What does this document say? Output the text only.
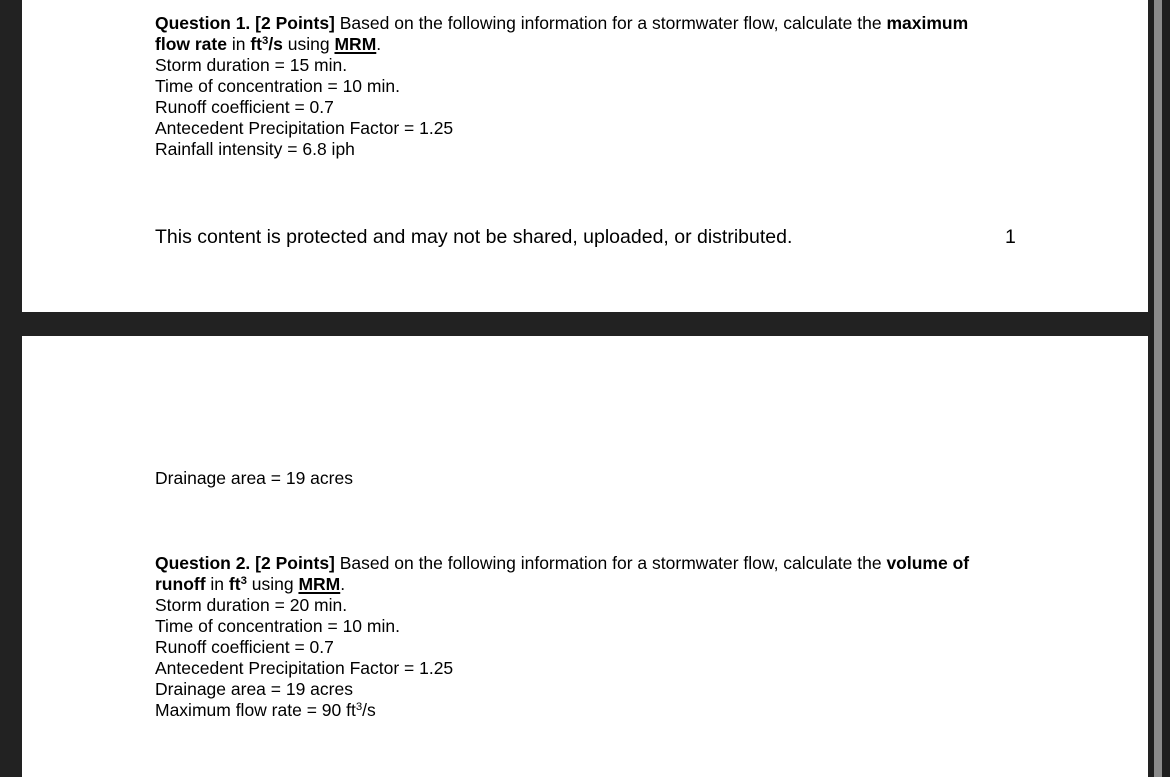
Question 1. [2 Points] Based on the following information for a stormwater flow, calculate the maximum
flow rate in $ft^3/s$ using MRM.
Storm duration = 15 min.
Time of concentration = 10 min.
Runoff coefficient = 0.7
Antecedent Precipitation Factor = 1.25
Rainfall intensity = 6.8 iph
This content is protected and may not be shared, uploaded, or distributed.	1
Drainage area = 19 acres
Question 2. [2 Points] Based on the following information for a stormwater flow, calculate the volume of
runoff in $ft^3$ using MRM.
Storm duration = 20 min.
Time of concentration = 10 min.
Runoff coefficient = 0.7
Antecedent Precipitation Factor = 1.25
Drainage area = 19 acres
Maximum flow rate = 90 $ft^3/s$
